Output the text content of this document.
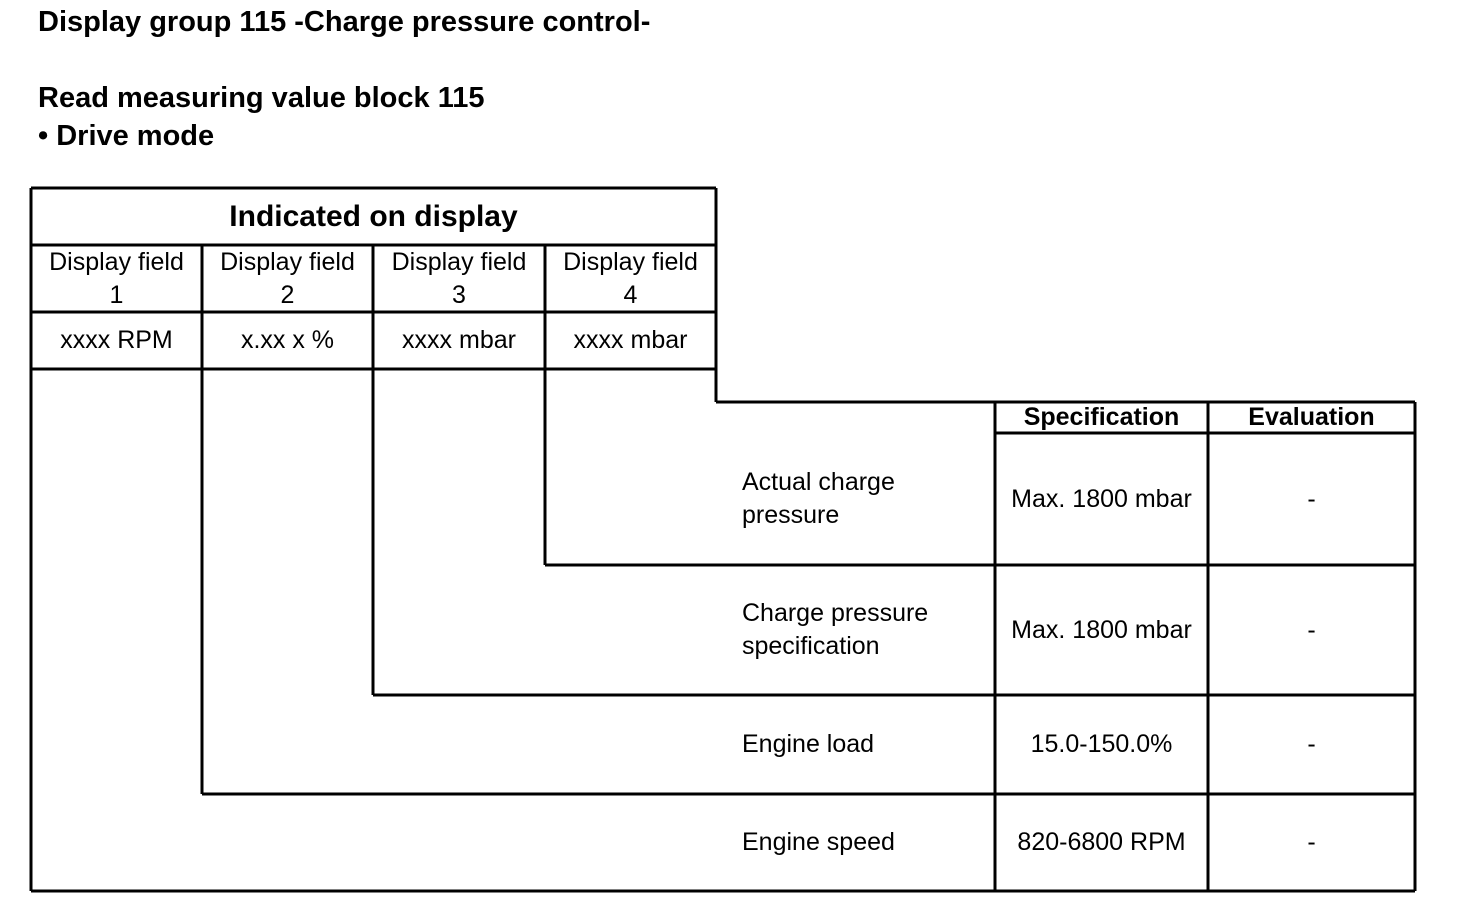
Display group 115 -Charge pressure control-
Read measuring value block 115
• Drive mode
Indicated on display
Display field
1
Display field
2
Display field
3
Display field
4
xxxx RPM	x.xx x %	xxxx mbar	xxxx mbar
Specification	Evaluation
Actual charge
pressure
Max. 1800 mbar	-
Charge pressure
specification
Max. 1800 mbar	-
Engine load	15.0-150.0%	-
Engine speed	820-6800 RPM	-
